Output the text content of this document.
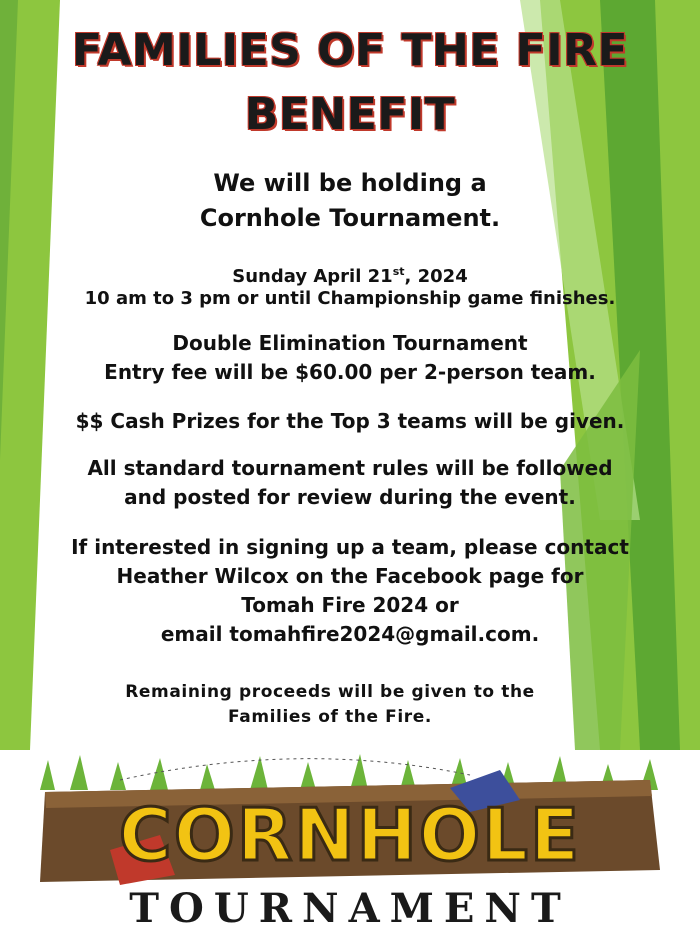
FAMILIES OF THE FIRE
BENEFIT
We will be holding a
Cornhole Tournament.
Sunday April 21st, 2024
10 am to 3 pm or until Championship game finishes.
Double Elimination Tournament
Entry fee will be $60.00 per 2-person team.
$$ Cash Prizes for the Top 3 teams will be given.
All standard tournament rules will be followed
and posted for review during the event.
If interested in signing up a team, please contact
Heather Wilcox on the Facebook page for
Tomah Fire 2024 or
email tomahfire2024@gmail.com.
Remaining proceeds will be given to the
Families of the Fire.
CORNHOLE
TOURNAMENT
